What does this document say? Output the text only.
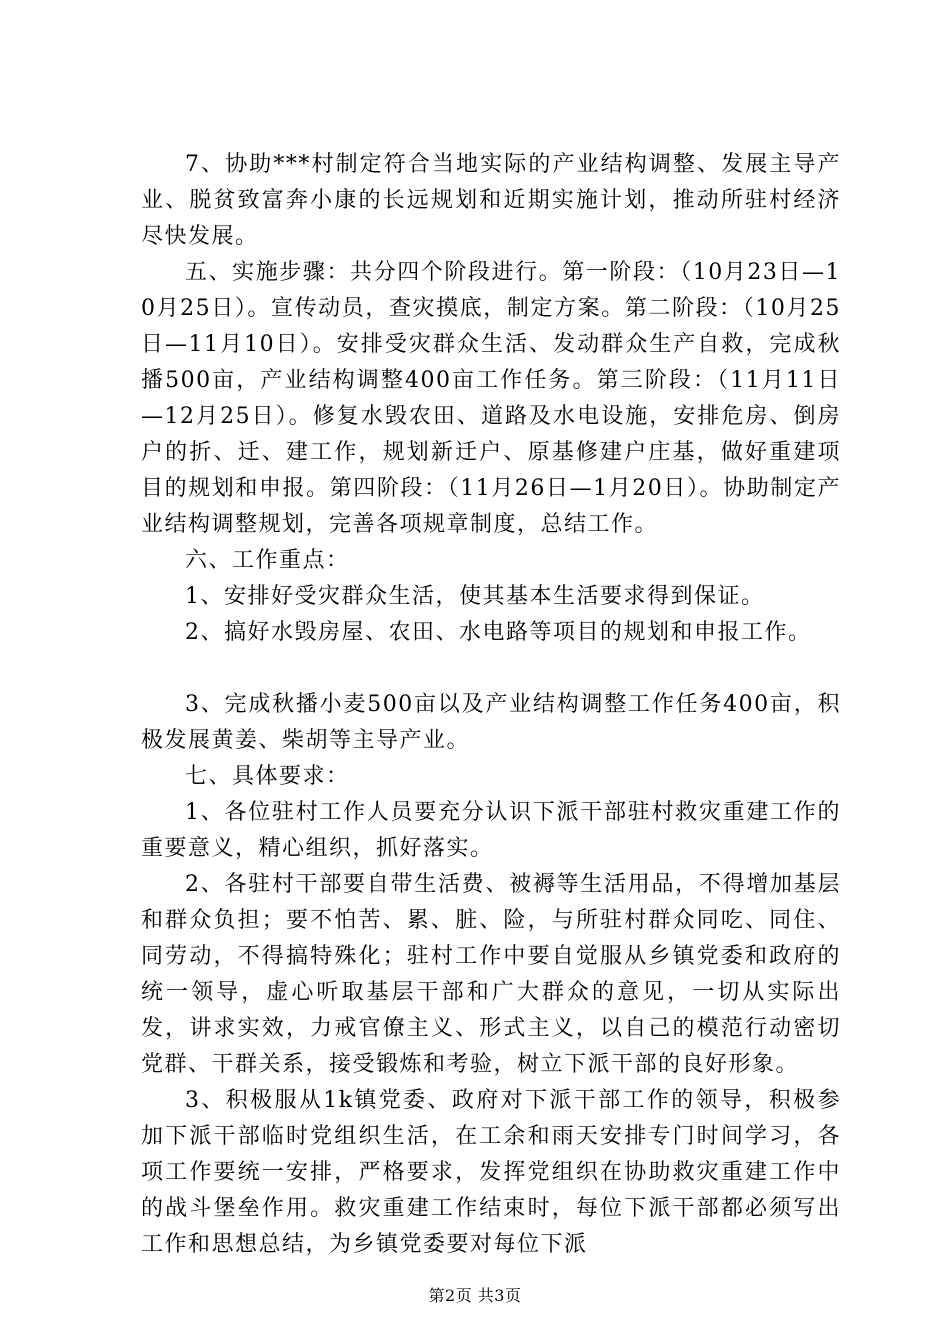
7、协助***村制定符合当地实际的产业结构调整、发展主导产业、脱贫致富奔小康的长远规划和近期实施计划，推动所驻村经济尽快发展。

五、实施步骤：共分四个阶段进行。第一阶段：（10月23日—10月25日）。宣传动员，查灾摸底，制定方案。第二阶段：（10月25日—11月10日）。安排受灾群众生活、发动群众生产自救，完成秋播500亩，产业结构调整400亩工作任务。第三阶段：（11月11日—12月25日）。修复水毁农田、道路及水电设施，安排危房、倒房户的折、迁、建工作，规划新迁户、原基修建户庄基，做好重建项目的规划和申报。第四阶段：（11月26日—1月20日）。协助制定产业结构调整规划，完善各项规章制度，总结工作。

六、工作重点：

1、安排好受灾群众生活，使其基本生活要求得到保证。

2、搞好水毁房屋、农田、水电路等项目的规划和申报工作。

3、完成秋播小麦500亩以及产业结构调整工作任务400亩，积极发展黄姜、柴胡等主导产业。

七、具体要求：

1、各位驻村工作人员要充分认识下派干部驻村救灾重建工作的重要意义，精心组织，抓好落实。

2、各驻村干部要自带生活费、被褥等生活用品，不得增加基层和群众负担；要不怕苦、累、脏、险，与所驻村群众同吃、同住、同劳动，不得搞特殊化；驻村工作中要自觉服从乡镇党委和政府的统一领导，虚心听取基层干部和广大群众的意见，一切从实际出发，讲求实效，力戒官僚主义、形式主义，以自己的模范行动密切党群、干群关系，接受锻炼和考验，树立下派干部的良好形象。

3、积极服从1k镇党委、政府对下派干部工作的领导，积极参加下派干部临时党组织生活，在工余和雨天安排专门时间学习，各项工作要统一安排，严格要求，发挥党组织在协助救灾重建工作中的战斗堡垒作用。救灾重建工作结束时，每位下派干部都必须写出工作和思想总结，为乡镇党委要对每位下派

第2页 共3页
